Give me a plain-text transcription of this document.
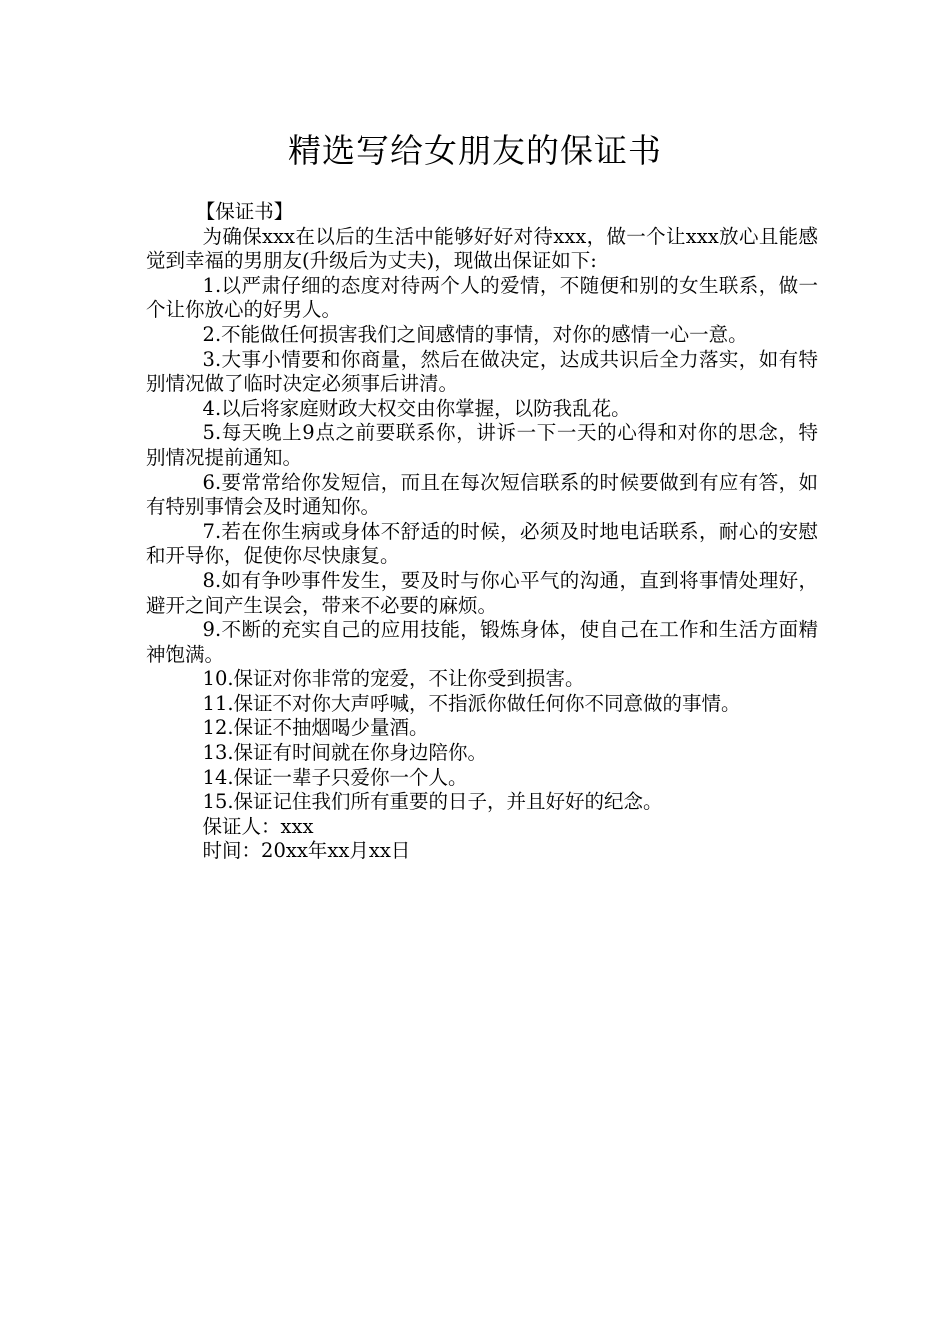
精选写给女朋友的保证书

【保证书】

为确保xxx在以后的生活中能够好好对待xxx，做一个让xxx放心且能感觉到幸福的男朋友(升级后为丈夫)，现做出保证如下:

1.以严肃仔细的态度对待两个人的爱情，不随便和别的女生联系，做一个让你放心的好男人。

2.不能做任何损害我们之间感情的事情，对你的感情一心一意。

3.大事小情要和你商量，然后在做决定，达成共识后全力落实，如有特别情况做了临时决定必须事后讲清。

4.以后将家庭财政大权交由你掌握，以防我乱花。

5.每天晚上9点之前要联系你，讲诉一下一天的心得和对你的思念，特别情况提前通知。

6.要常常给你发短信，而且在每次短信联系的时候要做到有应有答，如有特别事情会及时通知你。

7.若在你生病或身体不舒适的时候，必须及时地电话联系，耐心的安慰和开导你，促使你尽快康复。

8.如有争吵事件发生，要及时与你心平气的沟通，直到将事情处理好，避开之间产生误会，带来不必要的麻烦。

9.不断的充实自己的应用技能，锻炼身体，使自己在工作和生活方面精神饱满。

10.保证对你非常的宠爱，不让你受到损害。

11.保证不对你大声呼喊，不指派你做任何你不同意做的事情。

12.保证不抽烟喝少量酒。

13.保证有时间就在你身边陪你。

14.保证一辈子只爱你一个人。

15.保证记住我们所有重要的日子，并且好好的纪念。

保证人：xxx

时间：20xx年xx月xx日
